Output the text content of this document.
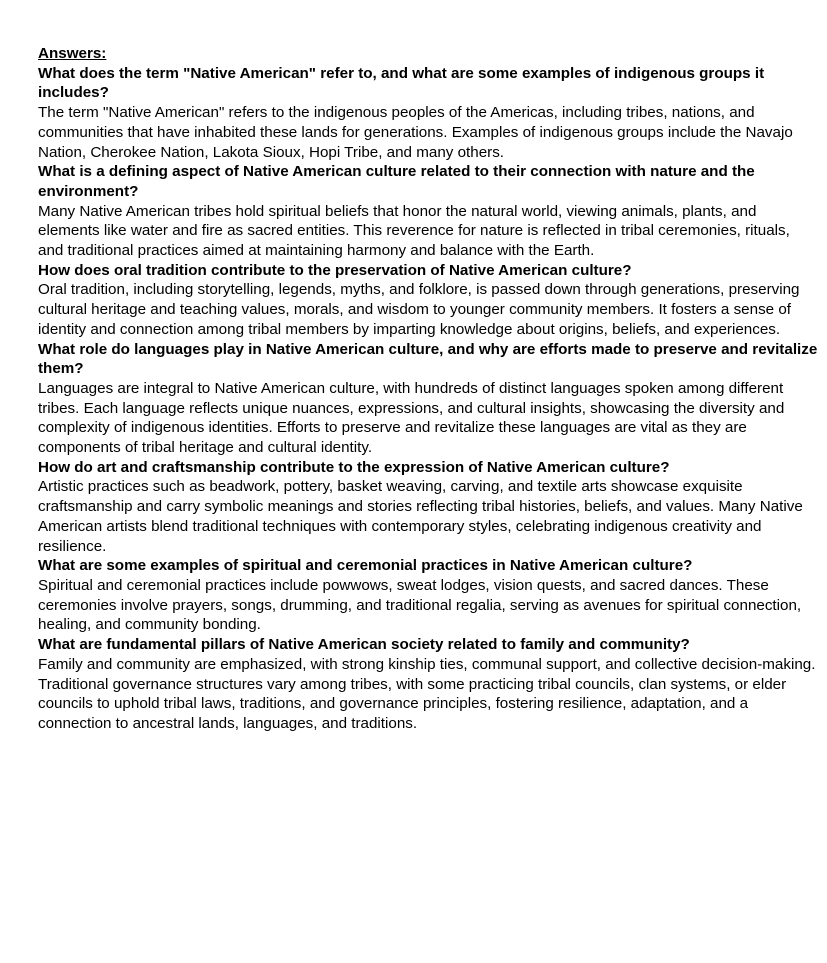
Answers:

What does the term "Native American" refer to, and what are some examples of indigenous groups it includes?

The term "Native American" refers to the indigenous peoples of the Americas, including tribes, nations, and communities that have inhabited these lands for generations. Examples of indigenous groups include the Navajo Nation, Cherokee Nation, Lakota Sioux, Hopi Tribe, and many others.

What is a defining aspect of Native American culture related to their connection with nature and the environment?

Many Native American tribes hold spiritual beliefs that honor the natural world, viewing animals, plants, and elements like water and fire as sacred entities. This reverence for nature is reflected in tribal ceremonies, rituals, and traditional practices aimed at maintaining harmony and balance with the Earth.

How does oral tradition contribute to the preservation of Native American culture?

Oral tradition, including storytelling, legends, myths, and folklore, is passed down through generations, preserving cultural heritage and teaching values, morals, and wisdom to younger community members. It fosters a sense of identity and connection among tribal members by imparting knowledge about origins, beliefs, and experiences.

What role do languages play in Native American culture, and why are efforts made to preserve and revitalize them?

Languages are integral to Native American culture, with hundreds of distinct languages spoken among different tribes. Each language reflects unique nuances, expressions, and cultural insights, showcasing the diversity and complexity of indigenous identities. Efforts to preserve and revitalize these languages are vital as they are components of tribal heritage and cultural identity.

How do art and craftsmanship contribute to the expression of Native American culture?

Artistic practices such as beadwork, pottery, basket weaving, carving, and textile arts showcase exquisite craftsmanship and carry symbolic meanings and stories reflecting tribal histories, beliefs, and values. Many Native American artists blend traditional techniques with contemporary styles, celebrating indigenous creativity and resilience.

What are some examples of spiritual and ceremonial practices in Native American culture?

Spiritual and ceremonial practices include powwows, sweat lodges, vision quests, and sacred dances. These ceremonies involve prayers, songs, drumming, and traditional regalia, serving as avenues for spiritual connection, healing, and community bonding.

What are fundamental pillars of Native American society related to family and community?

Family and community are emphasized, with strong kinship ties, communal support, and collective decision-making. Traditional governance structures vary among tribes, with some practicing tribal councils, clan systems, or elder councils to uphold tribal laws, traditions, and governance principles, fostering resilience, adaptation, and a connection to ancestral lands, languages, and traditions.
